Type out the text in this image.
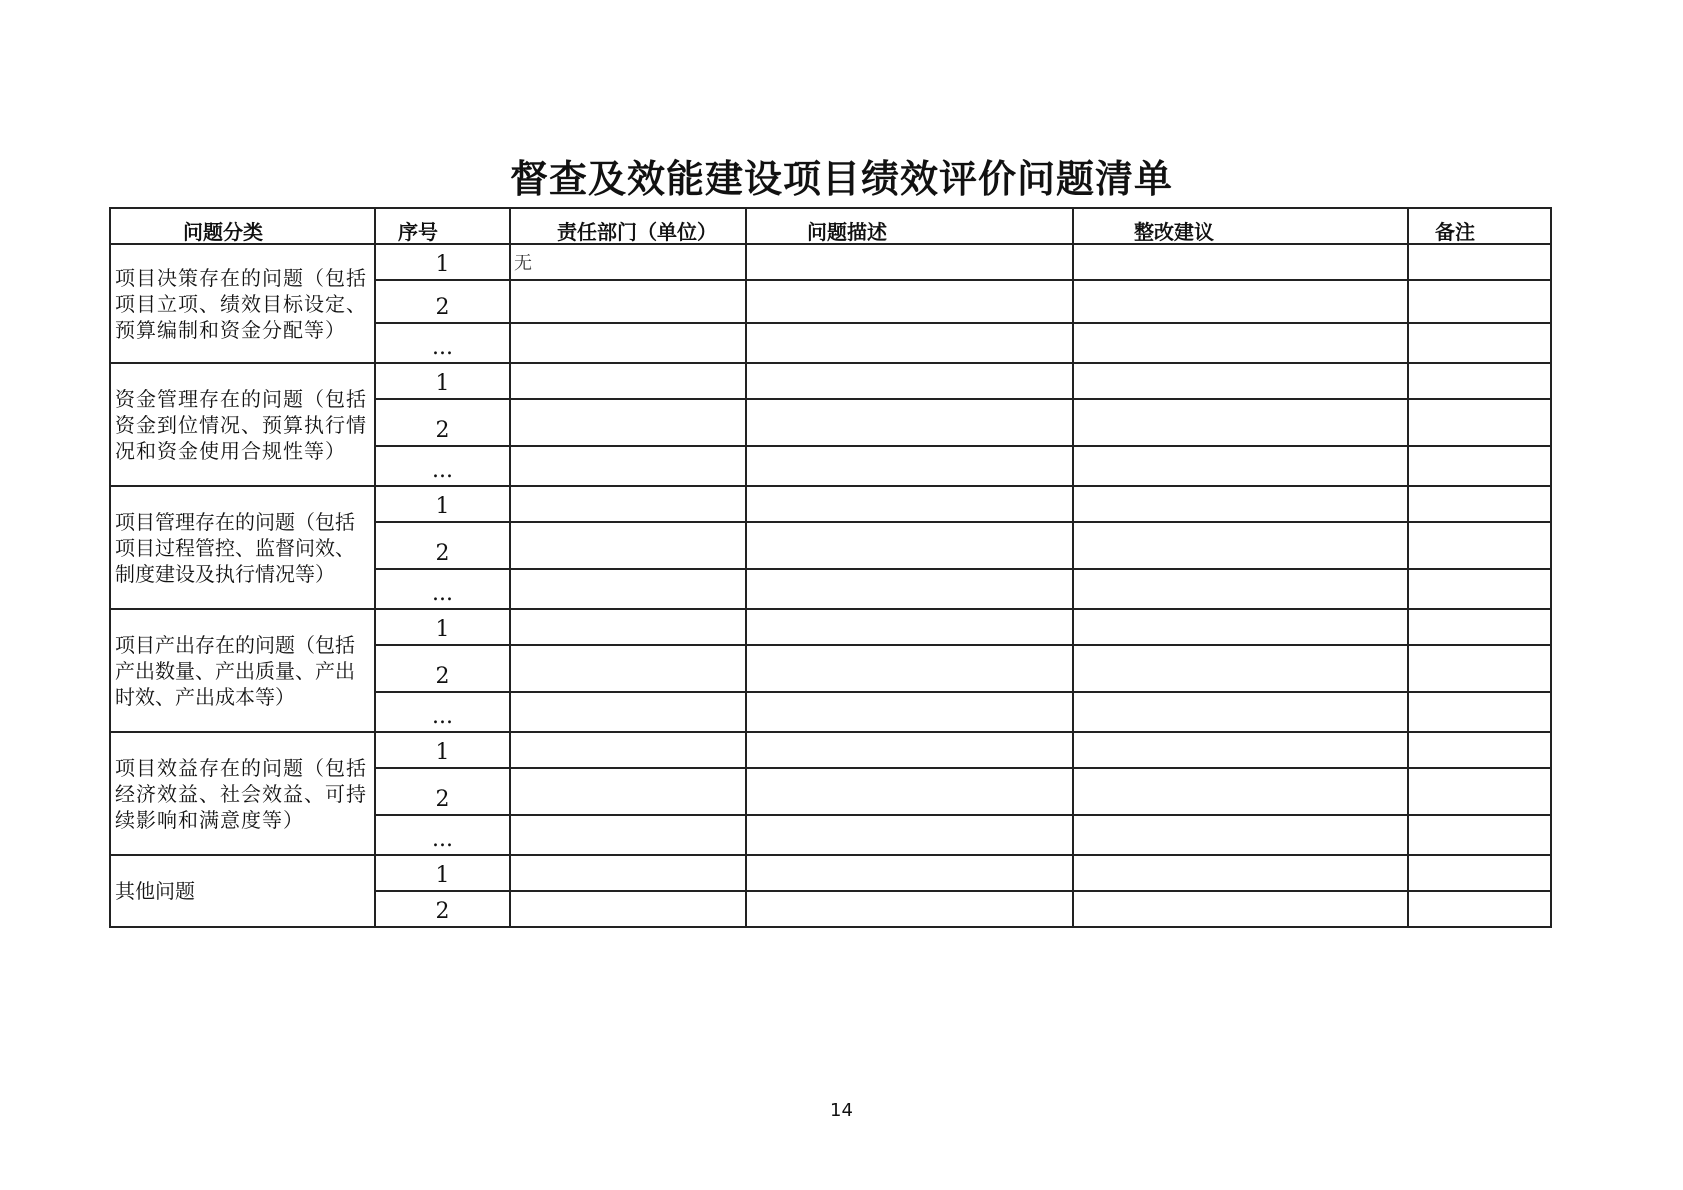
督查及效能建设项目绩效评价问题清单
问题分类	序号	责任部门（单位）	问题描述	整改建议	备注
项目决策存在的问题（包括项目立项、绩效目标设定、预算编制和资金分配等）	1	无			
	2				
	...				
资金管理存在的问题（包括资金到位情况、预算执行情况和资金使用合规性等）	1				
	2				
	...				
项目管理存在的问题（包括项目过程管控、监督问效、制度建设及执行情况等）	1				
	2				
	...				
项目产出存在的问题（包括产出数量、产出质量、产出时效、产出成本等）	1				
	2				
	...				
项目效益存在的问题（包括经济效益、社会效益、可持续影响和满意度等）	1				
	2				
	...				
其他问题	1				
	2				
14
